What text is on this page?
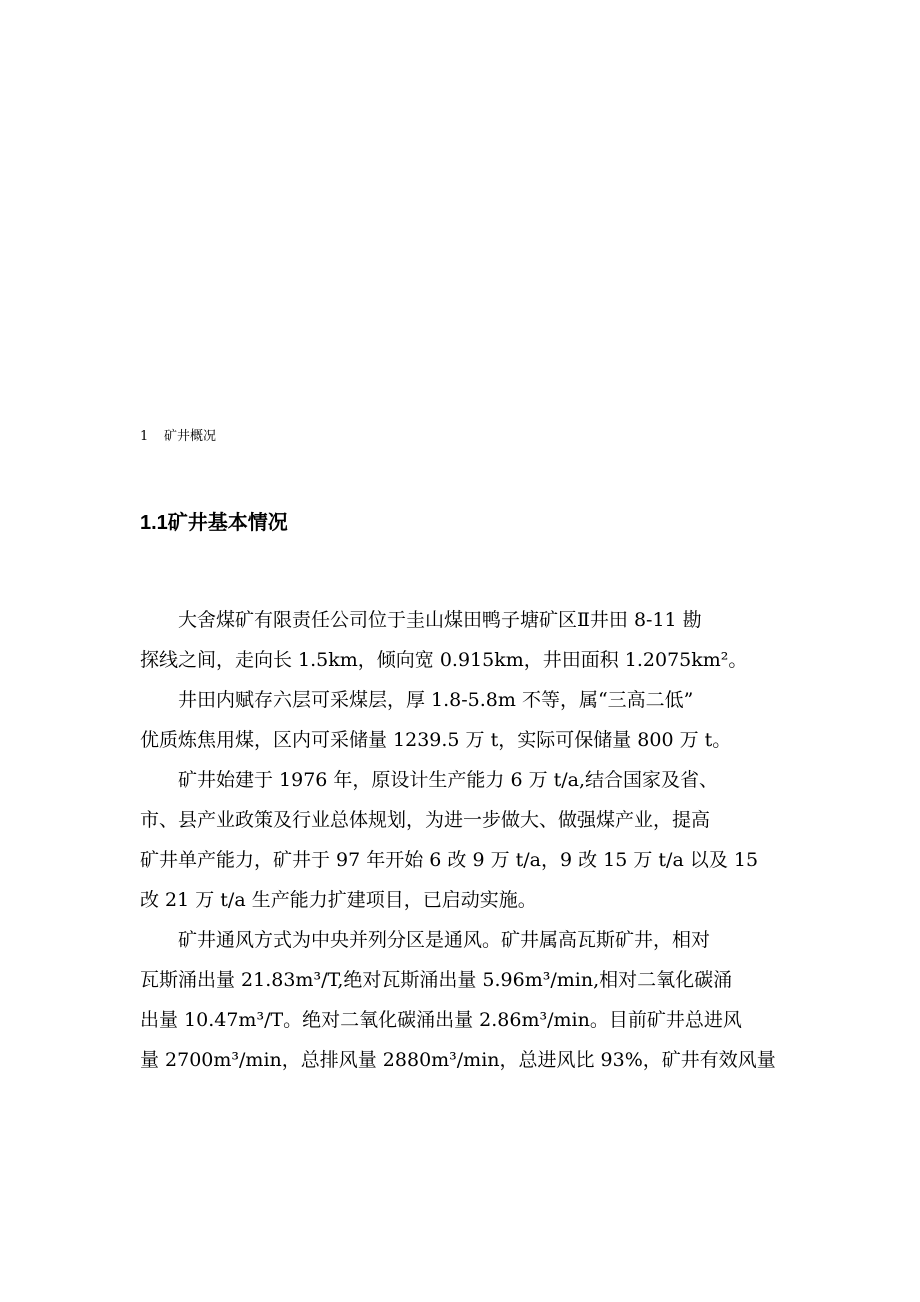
1 矿井概况
1.1矿井基本情况

大舍煤矿有限责任公司位于圭山煤田鸭子塘矿区Ⅱ井田 8-11 勘
探线之间，走向长 1.5km，倾向宽 0.915km，井田面积 1.2075km²。

井田内赋存六层可采煤层，厚 1.8-5.8m 不等，属“三高二低”
优质炼焦用煤，区内可采储量 1239.5 万 t，实际可保储量 800 万 t。

矿井始建于 1976 年，原设计生产能力 6 万 t/a,结合国家及省、
市、县产业政策及行业总体规划，为进一步做大、做强煤产业，提高
矿井单产能力，矿井于 97 年开始 6 改 9 万 t/a，9 改 15 万 t/a 以及 15
改 21 万 t/a 生产能力扩建项目，已启动实施。

矿井通风方式为中央并列分区是通风。矿井属高瓦斯矿井，相对
瓦斯涌出量 21.83m³/T,绝对瓦斯涌出量 5.96m³/min,相对二氧化碳涌
出量 10.47m³/T。绝对二氧化碳涌出量 2.86m³/min。目前矿井总进风
量 2700m³/min，总排风量 2880m³/min，总进风比 93%，矿井有效风量
